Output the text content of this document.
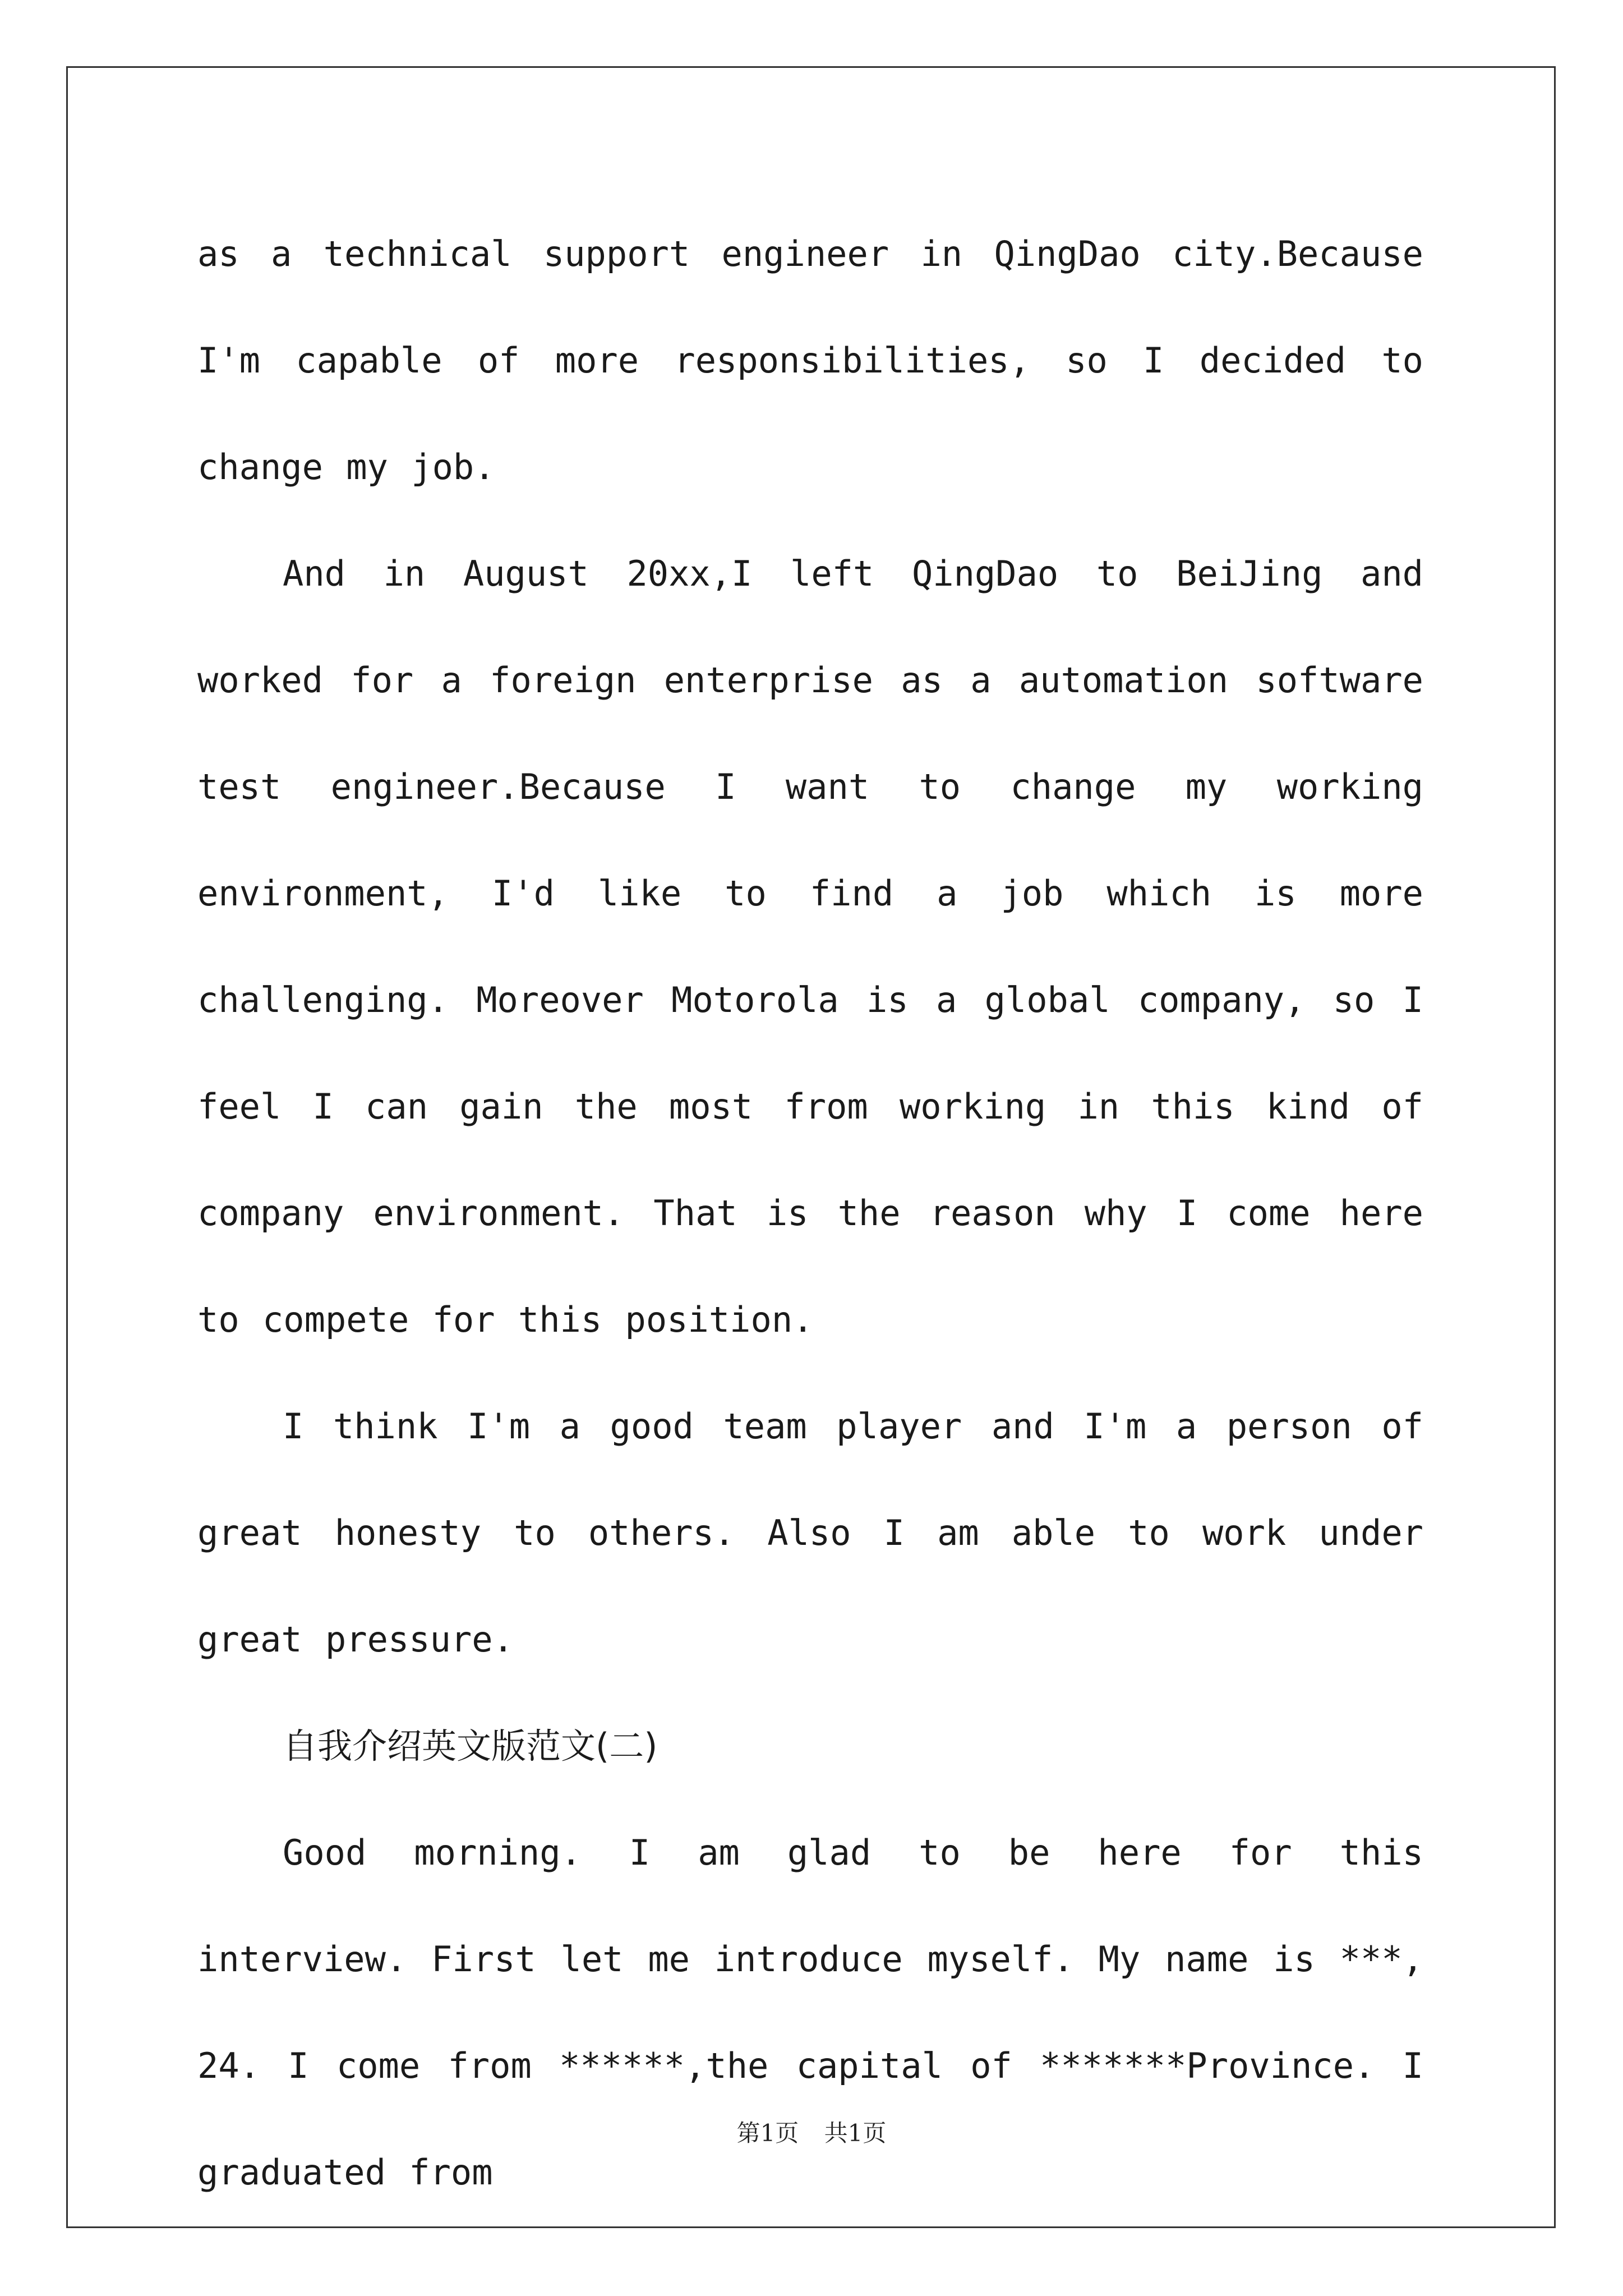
as a technical support engineer in QingDao city.Because I'm capable of more responsibilities, so I decided to change my job.

And in August 20xx,I left QingDao to BeiJing and worked for a foreign enterprise as a automation software test engineer.Because I want to change my working environment, I'd like to find a job which is more challenging. Moreover Motorola is a global company, so I feel I can gain the most from working in this kind of company environment. That is the reason why I come here to compete for this position.

I think I'm a good team player and I'm a person of great honesty to others. Also I am able to work under great pressure.

自我介绍英文版范文(二)

Good morning. I am glad to be here for this interview. First let me introduce myself. My name is ***, 24. I come from ******,the capital of *******Province. I graduated from

第1页 共1页
